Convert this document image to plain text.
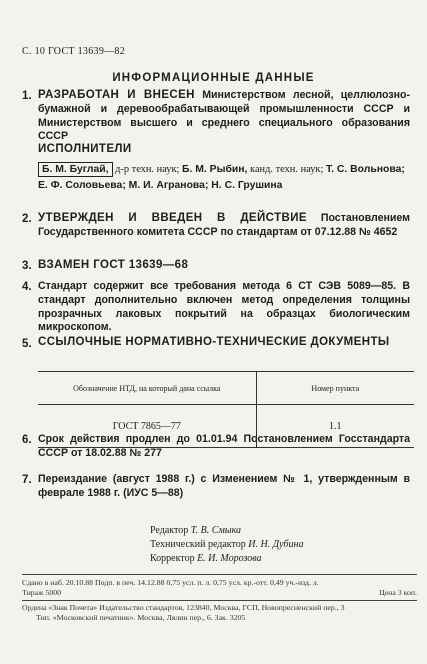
С. 10 ГОСТ 13639—82
ИНФОРМАЦИОННЫЕ ДАННЫЕ
1. РАЗРАБОТАН И ВНЕСЕН Министерством лесной, целлюлозно-бумажной и деревообрабатывающей промышленности СССР и Министерством высшего и среднего специального образования СССР
ИСПОЛНИТЕЛИ
Б. М. Буглай, д-р техн. наук; Б. М. Рыбин, канд. техн. наук; Т. С. Вольнова; Е. Ф. Соловьева; М. И. Агранова; Н. С. Грушина
2. УТВЕРЖДЕН И ВВЕДЕН В ДЕЙСТВИЕ Постановлением Государственного комитета СССР по стандартам от 07.12.88 № 4652
3. ВЗАМЕН ГОСТ 13639—68
4. Стандарт содержит все требования метода 6 СТ СЭВ 5089—85. В стандарт дополнительно включен метод определения толщины прозрачных лаковых покрытий на образцах биологическим микроскопом.
5. ССЫЛОЧНЫЕ НОРМАТИВНО-ТЕХНИЧЕСКИЕ ДОКУМЕНТЫ
Обозначение НТД, на который дана ссылка	Номер пункта
ГОСТ 7865—77	1.1
6. Срок действия продлен до 01.01.94 Постановлением Госстандарта СССР от 18.02.88 № 277
7. Переиздание (август 1988 г.) с Изменением № 1, утвержденным в феврале 1988 г. (ИУС 5—88)
Редактор Т. В. Смыка
Технический редактор И. Н. Дубина
Корректор Е. И. Морозова
Сдано в наб. 20.10.88 Подп. в печ. 14.12.88 0,75 усл. п. л. 0,75 усл. кр.-отт. 0,49 уч.-изд. л.
Цена 3 коп.
Тираж 5000
Ордена «Знак Почета» Издательство стандартов, 123840, Москва, ГСП, Новопресненский пер., 3
Тип. «Московский печатник». Москва, Лялин пер., 6. Зак. 3205
